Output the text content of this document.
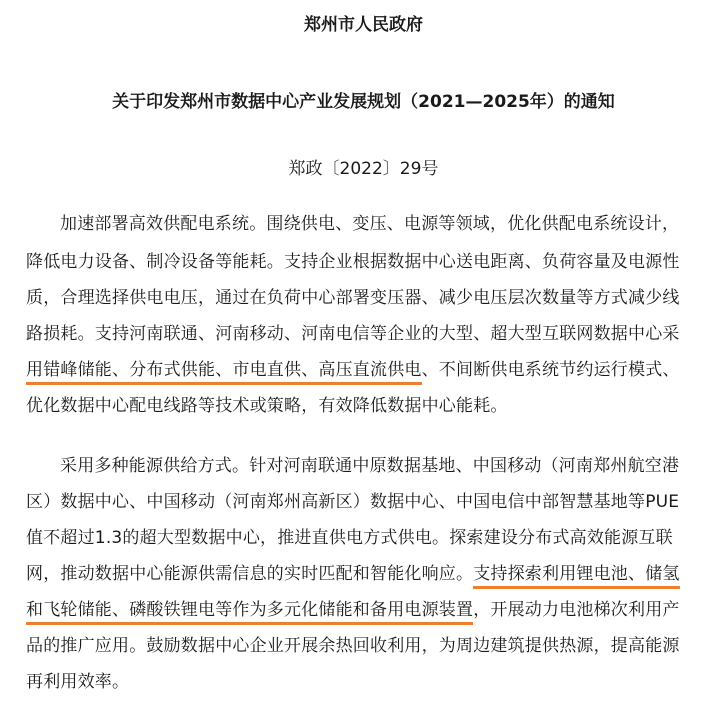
郑州市人民政府
关于印发郑州市数据中心产业发展规划（2021—2025年）的通知
郑政〔2022〕29号
加速部署高效供配电系统。围绕供电、变压、电源等领域，优化供配电系统设计，
降低电力设备、制冷设备等能耗。支持企业根据数据中心送电距离、负荷容量及电源性
质，合理选择供电电压，通过在负荷中心部署变压器、减少电压层次数量等方式减少线
路损耗。支持河南联通、河南移动、河南电信等企业的大型、超大型互联网数据中心采
用错峰储能、分布式供能、市电直供、高压直流供电、不间断供电系统节约运行模式、
优化数据中心配电线路等技术或策略，有效降低数据中心能耗。
采用多种能源供给方式。针对河南联通中原数据基地、中国移动（河南郑州航空港
区）数据中心、中国移动（河南郑州高新区）数据中心、中国电信中部智慧基地等PUE
值不超过1.3的超大型数据中心，推进直供电方式供电。探索建设分布式高效能源互联
网，推动数据中心能源供需信息的实时匹配和智能化响应。支持探索利用锂电池、储氢
和飞轮储能、磷酸铁锂电等作为多元化储能和备用电源装置，开展动力电池梯次利用产
品的推广应用。鼓励数据中心企业开展余热回收利用，为周边建筑提供热源，提高能源
再利用效率。
